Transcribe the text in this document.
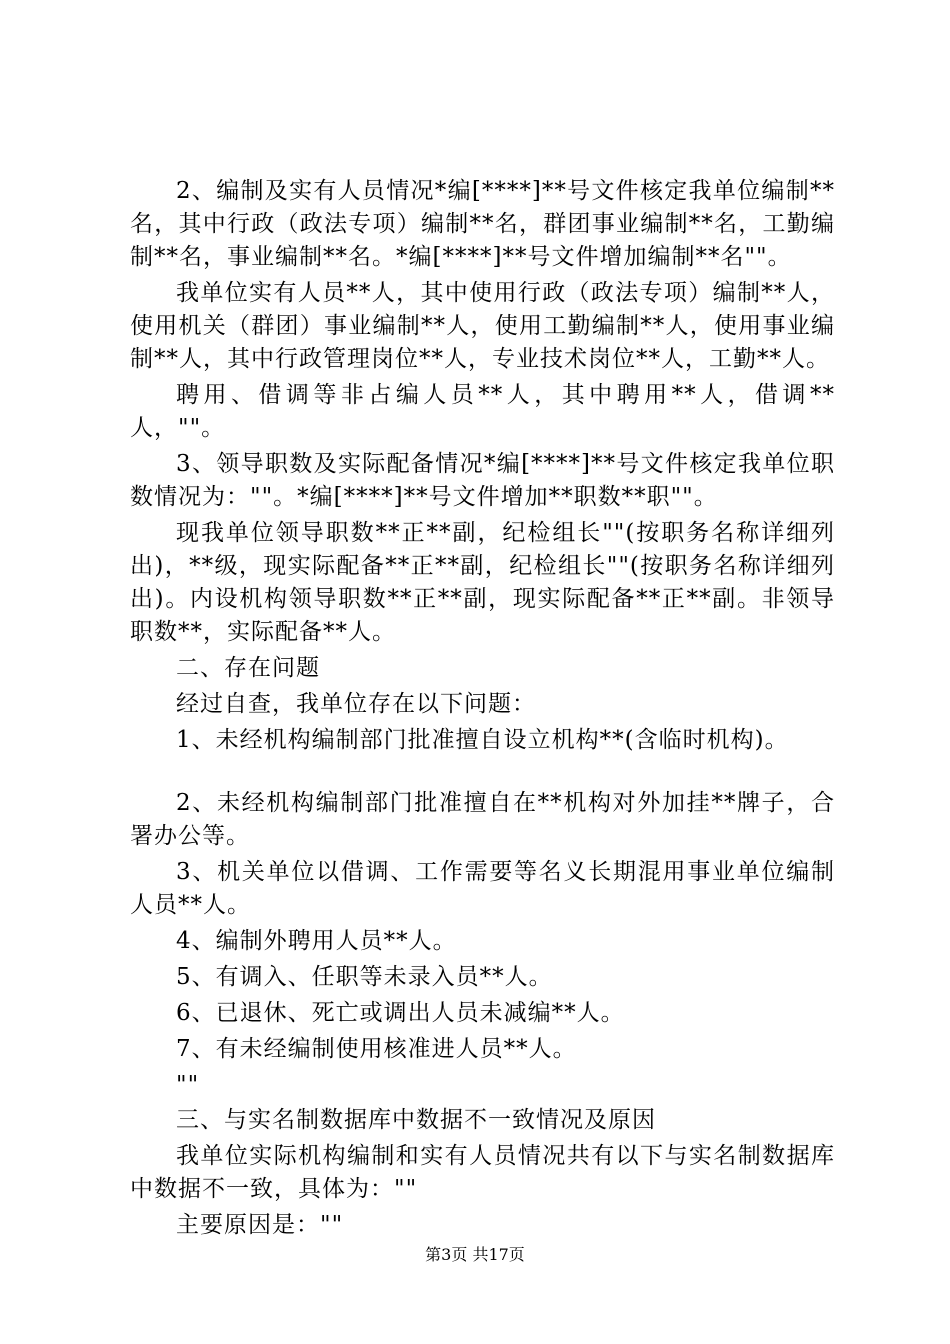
2、编制及实有人员情况*编[****]**号文件核定我单位编制**名，其中行政（政法专项）编制**名，群团事业编制**名，工勤编制**名，事业编制**名。*编[****]**号文件增加编制**名""。

我单位实有人员**人，其中使用行政（政法专项）编制**人，使用机关（群团）事业编制**人，使用工勤编制**人，使用事业编制**人，其中行政管理岗位**人，专业技术岗位**人，工勤**人。

聘用、借调等非占编人员**人，其中聘用**人，借调**人，""。

3、领导职数及实际配备情况*编[****]**号文件核定我单位职数情况为：""。*编[****]**号文件增加**职数**职""。

现我单位领导职数**正**副，纪检组长""(按职务名称详细列出)，**级，现实际配备**正**副，纪检组长""(按职务名称详细列出)。内设机构领导职数**正**副，现实际配备**正**副。非领导职数**，实际配备**人。

二、存在问题

经过自查，我单位存在以下问题：

1、未经机构编制部门批准擅自设立机构**(含临时机构)。

2、未经机构编制部门批准擅自在**机构对外加挂**牌子，合署办公等。

3、机关单位以借调、工作需要等名义长期混用事业单位编制人员**人。

4、编制外聘用人员**人。

5、有调入、任职等未录入员**人。

6、已退休、死亡或调出人员未减编**人。

7、有未经编制使用核准进人员**人。

""

三、与实名制数据库中数据不一致情况及原因

我单位实际机构编制和实有人员情况共有以下与实名制数据库中数据不一致，具体为：""

主要原因是：""

第3页 共17页
